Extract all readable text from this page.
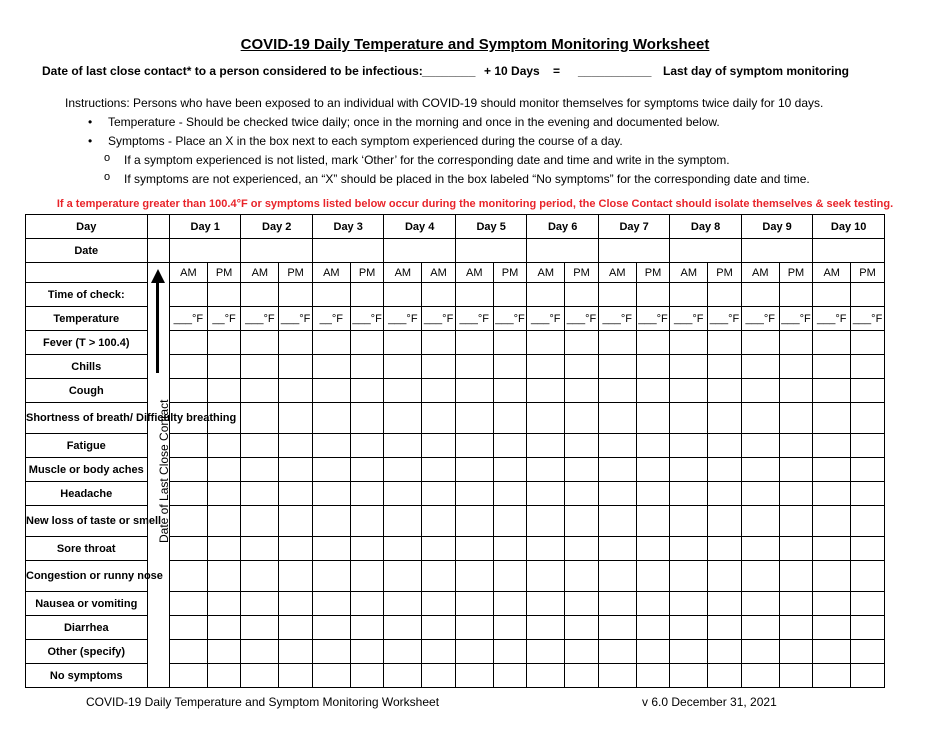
COVID-19 Daily Temperature and Symptom Monitoring Worksheet
Date of last close contact* to a person considered to be infectious: ________ + 10 Days = ___________ Last day of symptom monitoring
Instructions: Persons who have been exposed to an individual with COVID-19 should monitor themselves for symptoms twice daily for 10 days.
• Temperature - Should be checked twice daily; once in the morning and once in the evening and documented below.
• Symptoms - Place an X in the box next to each symptom experienced during the course of a day.
o If a symptom experienced is not listed, mark ‘Other’ for the corresponding date and time and write in the symptom.
o If symptoms are not experienced, an “X” should be placed in the box labeled “No symptoms” for the corresponding date and time.
If a temperature greater than 100.4°F or symptoms listed below occur during the monitoring period, the Close Contact should isolate themselves & seek testing.
Day		Day 1		Day 2		Day 3		Day 4		Day 5		Day 6		Day 7		Day 8		Day 9		Day 10	
Date																					

	Date of Last Close Contact	AM	PM	AM	PM	AM	PM	AM	AM	AM	PM	AM	PM	AM	PM	AM	PM	AM	PM	AM	PM
Time of check:																					
Temperature		___°F	__°F	___°F	___°F	__°F	___°F	___°F	___°F	___°F	___°F	___°F	___°F	___°F	___°F	___°F	___°F	___°F	___°F	___°F	___°F
Fever (T > 100.4)																					
Chills																					
Cough																					
Shortness of breath/ Difficulty breathing																					
Fatigue																					
Muscle or body aches																					
Headache																					
New loss of taste or smell																					
Sore throat																					
Congestion or runny nose																					
Nausea or vomiting																					
Diarrhea																					
Other (specify)																					
No symptoms																					
COVID-19 Daily Temperature and Symptom Monitoring Worksheet	v 6.0 December 31, 2021
